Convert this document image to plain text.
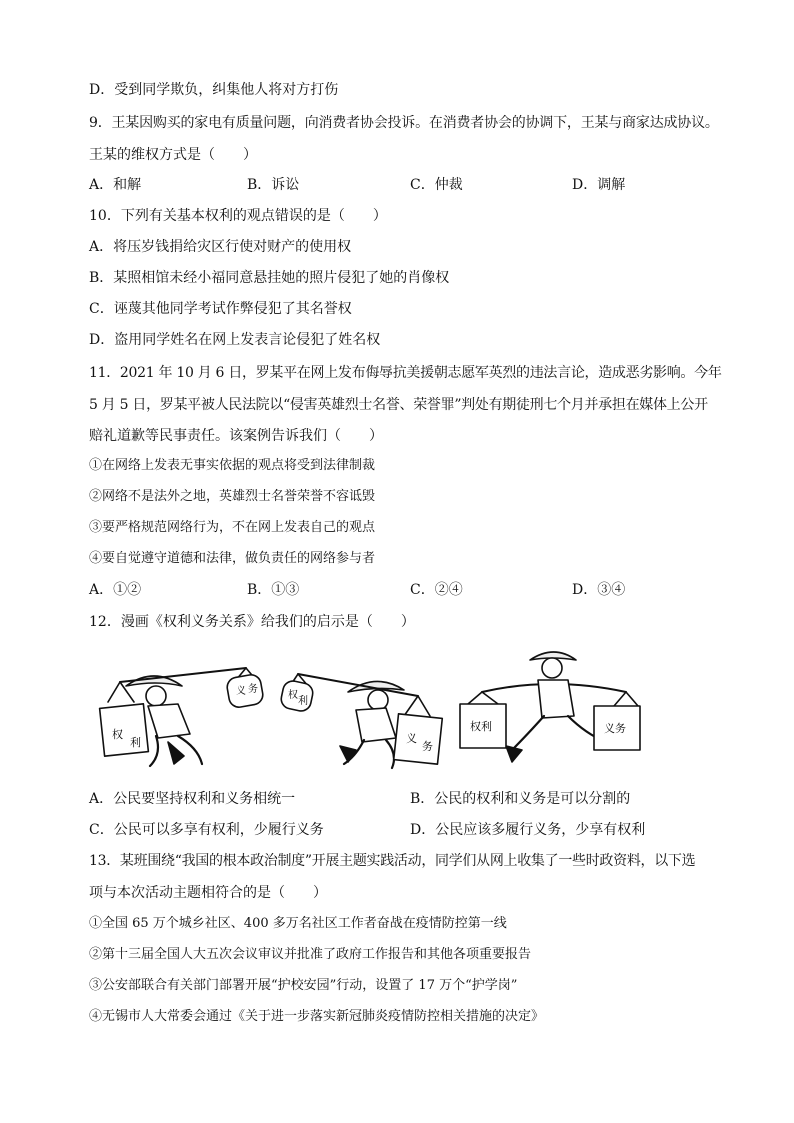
D．受到同学欺负，纠集他人将对方打伤
9．王某因购买的家电有质量问题，向消费者协会投诉。在消费者协会的协调下，王某与商家达成协议。
王某的维权方式是（　　）
A．和解	B．诉讼	C．仲裁	D．调解
10．下列有关基本权利的观点错误的是（　　）
A．将压岁钱捐给灾区行使对财产的使用权
B．某照相馆未经小福同意悬挂她的照片侵犯了她的肖像权
C．诬蔑其他同学考试作弊侵犯了其名誉权
D．盗用同学姓名在网上发表言论侵犯了姓名权
11．2021 年 10 月 6 日，罗某平在网上发布侮辱抗美援朝志愿军英烈的违法言论，造成恶劣影响。今年
5 月 5 日，罗某平被人民法院以“侵害英雄烈士名誉、荣誉罪”判处有期徒刑七个月并承担在媒体上公开
赔礼道歉等民事责任。该案例告诉我们（　　）
①在网络上发表无事实依据的观点将受到法律制裁
②网络不是法外之地，英雄烈士名誉荣誉不容诋毁
③要严格规范网络行为，不在网上发表自己的观点
④要自觉遵守道德和法律，做负责任的网络参与者
A．①②	B．①③	C．②④	D．③④
12．漫画《权利义务关系》给我们的启示是（　　）
权
利
义 务
权
利
义
务
权利	义务
A．公民要坚持权利和义务相统一	B．公民的权利和义务是可以分割的
C．公民可以多享有权利，少履行义务	D．公民应该多履行义务，少享有权利
13．某班围绕“我国的根本政治制度”开展主题实践活动，同学们从网上收集了一些时政资料，以下选
项与本次活动主题相符合的是（　　）
①全国 65 万个城乡社区、400 多万名社区工作者奋战在疫情防控第一线
②第十三届全国人大五次会议审议并批准了政府工作报告和其他各项重要报告
③公安部联合有关部门部署开展“护校安园”行动，设置了 17 万个“护学岗”
④无锡市人大常委会通过《关于进一步落实新冠肺炎疫情防控相关措施的决定》
